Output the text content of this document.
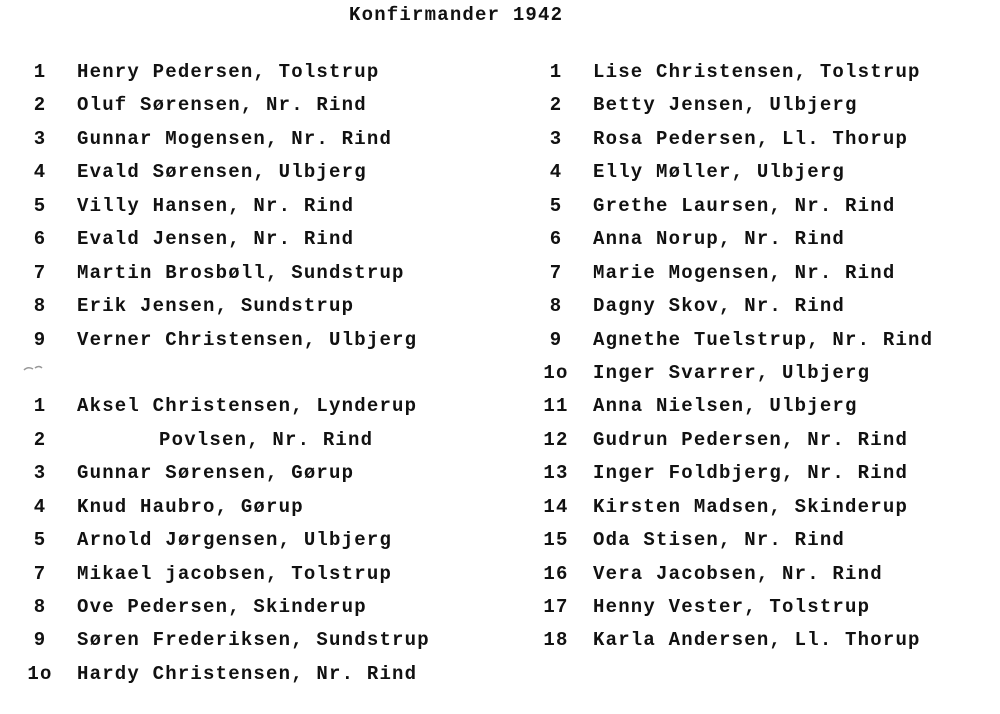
Konfirmander 1942
1 Henry Pedersen, Tolstrup
2 Oluf Sørensen, Nr. Rind
3 Gunnar Mogensen, Nr. Rind
4 Evald Sørensen, Ulbjerg
5 Villy Hansen, Nr. Rind
6 Evald Jensen, Nr. Rind
7 Martin Brosbøll, Sundstrup
8 Erik Jensen, Sundstrup
9 Verner Christensen, Ulbjerg
1 Aksel Christensen, Lynderup
2	Povlsen, Nr. Rind
3 Gunnar Sørensen, Gørup
4 Knud Haubro, Gørup
5 Arnold Jørgensen, Ulbjerg
7 Mikael jacobsen, Tolstrup
8 Ove Pedersen, Skinderup
9 Søren Frederiksen, Sundstrup
1o Hardy Christensen, Nr. Rind
1 Lise Christensen, Tolstrup
2 Betty Jensen, Ulbjerg
3 Rosa Pedersen, Ll. Thorup
4 Elly Møller, Ulbjerg
5 Grethe Laursen, Nr. Rind
6 Anna Norup, Nr. Rind
7 Marie Mogensen, Nr. Rind
8 Dagny Skov, Nr. Rind
9 Agnethe Tuelstrup, Nr. Rind
1o Inger Svarrer, Ulbjerg
11 Anna Nielsen, Ulbjerg
12 Gudrun Pedersen, Nr. Rind
13 Inger Foldbjerg, Nr. Rind
14 Kirsten Madsen, Skinderup
15 Oda Stisen, Nr. Rind
16 Vera Jacobsen, Nr. Rind
17 Henny Vester, Tolstrup
18 Karla Andersen, Ll. Thorup
